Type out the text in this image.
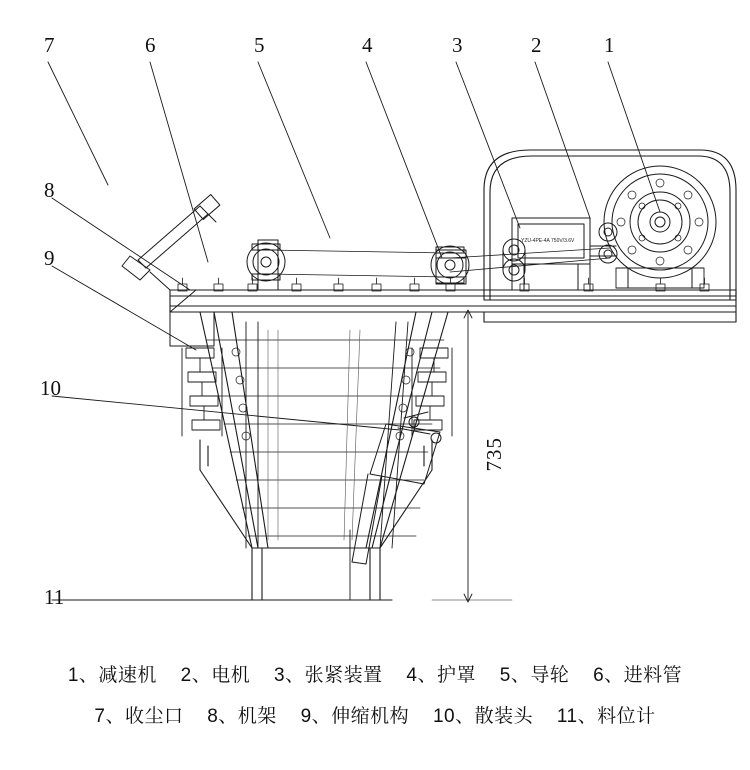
YZU-4PE-4A 750V/3.6V
1
2
3
4
5
6
7
8
9
10
11
735

1、减速机 2、电机 3、张紧装置 4、护罩 5、导轮 6、进料管

7、收尘口 8、机架 9、伸缩机构 10、散装头 11、料位计
